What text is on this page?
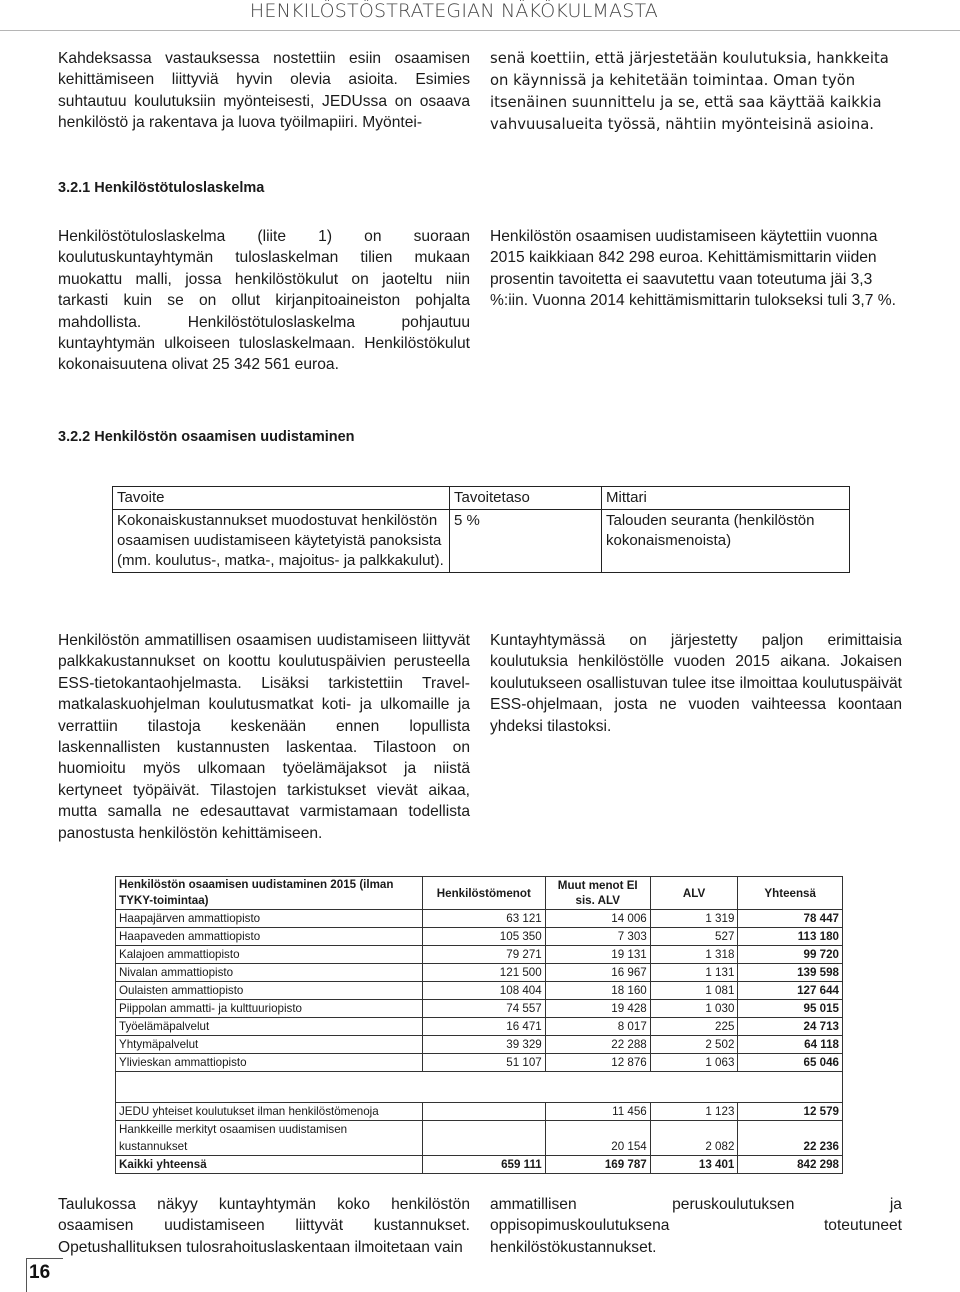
HENKILÖSTÖSTRATEGIAN NÄKÖKULMASTA

Kahdeksassa vastauksessa nostettiin esiin osaamisen kehittämiseen liittyviä hyvin olevia asioita. Esimies suhtautuu koulutuksiin myönteisesti, JEDUssa on osaava henkilöstö ja rakentava ja luova työilmapiiri. Myöntei-

senä koettiin, että järjestetään koulutuksia, hankkeita on käynnissä ja kehitetään toimintaa. Oman työn itsenäinen suunnittelu ja se, että saa käyttää kaikkia vahvuusalueita työssä, nähtiin myönteisinä asioina.

3.2.1 Henkilöstötuloslaskelma

Henkilöstötuloslaskelma (liite 1) on suoraan koulutuskuntayhtymän tuloslaskelman tilien mukaan muokattu malli, jossa henkilöstökulut on jaoteltu niin tarkasti kuin se on ollut kirjanpitoaineiston pohjalta mahdollista. Henkilöstötuloslaskelma pohjautuu kuntayhtymän ulkoiseen tuloslaskelmaan. Henkilöstökulut kokonaisuutena olivat 25 342 561 euroa.

Henkilöstön osaamisen uudistamiseen käytettiin vuonna 2015 kaikkiaan 842 298 euroa. Kehittämismittarin viiden prosentin tavoitetta ei saavutettu vaan toteutuma jäi 3,3 %:iin. Vuonna 2014 kehittämismittarin tulokseksi tuli 3,7 %.

3.2.2 Henkilöstön osaamisen uudistaminen
Tavoite	Tavoitetaso	Mittari
Kokonaiskustannukset muodostuvat henkilöstön osaamisen uudistamiseen käytetyistä panoksista (mm. koulutus-, matka-, majoitus- ja palkkakulut).	5 %	Talouden seuranta (henkilöstön kokonaismenoista)

Henkilöstön ammatillisen osaamisen uudistamiseen liittyvät palkkakustannukset on koottu koulutuspäivien perusteella ESS-tietokantaohjelmasta. Lisäksi tarkistettiin Travel- matkalaskuohjelman koulutusmatkat koti- ja ulkomaille ja verrattiin tilastoja keskenään ennen lopullista laskennallisten kustannusten laskentaa. Tilastoon on huomioitu myös ulkomaan työelämäjaksot ja niistä kertyneet työpäivät. Tilastojen tarkistukset vievät aikaa, mutta samalla ne edesauttavat varmistamaan todellista panostusta henkilöstön kehittämiseen.

Kuntayhtymässä on järjestetty paljon erimittaisia koulutuksia henkilöstölle vuoden 2015 aikana. Jokaisen koulutukseen osallistuvan tulee itse ilmoittaa koulutuspäivät ESS-ohjelmaan, josta ne vuoden vaihteessa koontaan yhdeksi tilastoksi.

Henkilöstön osaamisen uudistaminen 2015 (ilman TYKY-toimintaa)	Henkilöstömenot	Muut menot EI sis. ALV	ALV	Yhteensä
Haapajärven ammattiopisto	63 121	14 006	1 319	78 447
Haapaveden ammattiopisto	105 350	7 303	527	113 180
Kalajoen ammattiopisto	79 271	19 131	1 318	99 720
Nivalan ammattiopisto	121 500	16 967	1 131	139 598
Oulaisten ammattiopisto	108 404	18 160	1 081	127 644
Piippolan ammatti- ja kulttuuriopisto	74 557	19 428	1 030	95 015
Työelämäpalvelut	16 471	8 017	225	24 713
Yhtymäpalvelut	39 329	22 288	2 502	64 118
Ylivieskan ammattiopisto	51 107	12 876	1 063	65 046

JEDU yhteiset koulutukset ilman henkilöstömenoja		11 456	1 123	12 579

Hankkeille merkityt osaamisen uudistamisen
kustannukset		20 154	2 082	22 236
Kaikki yhteensä	659 111	169 787	13 401	842 298

Taulukossa näkyy kuntayhtymän koko henkilöstön osaamisen uudistamiseen liittyvät kustannukset. Opetushallituksen tulosrahoituslaskentaan ilmoitetaan vain

ammatillisen peruskoulutuksen ja oppisopimuskoulutuksena toteutuneet henkilöstökustannukset.

16
